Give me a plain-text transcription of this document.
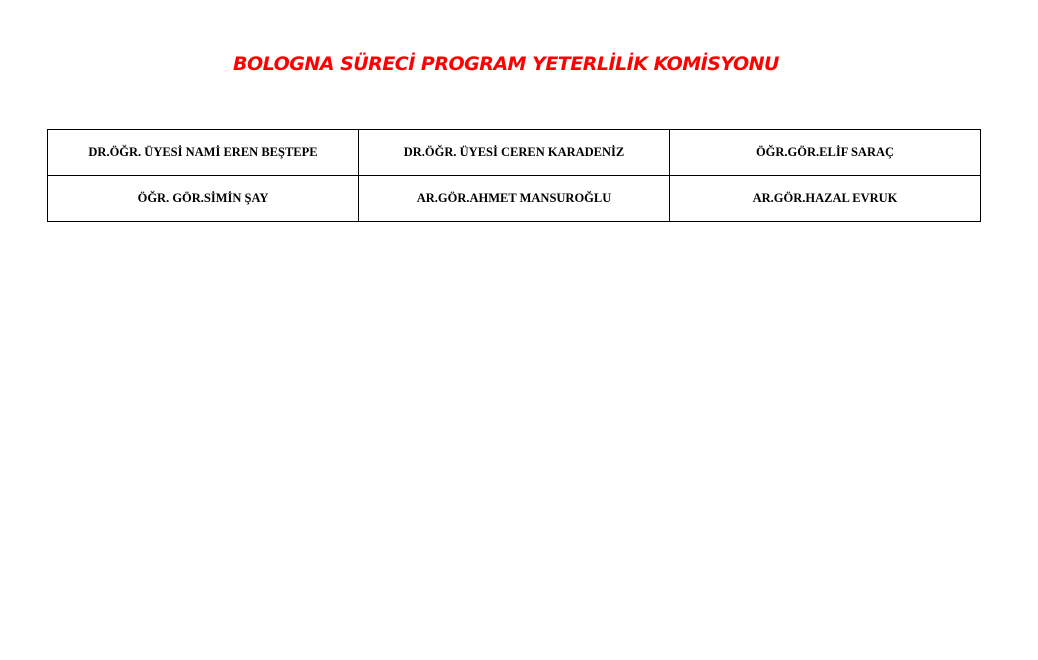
BOLOGNA SÜRECİ PROGRAM YETERLİLİK KOMİSYONU
DR.ÖĞR. ÜYESİ NAMİ EREN BEŞTEPE	DR.ÖĞR. ÜYESİ CEREN KARADENİZ	ÖĞR.GÖR.ELİF SARAÇ
ÖĞR. GÖR.SİMİN ŞAY	AR.GÖR.AHMET MANSUROĞLU	AR.GÖR.HAZAL EVRUK
